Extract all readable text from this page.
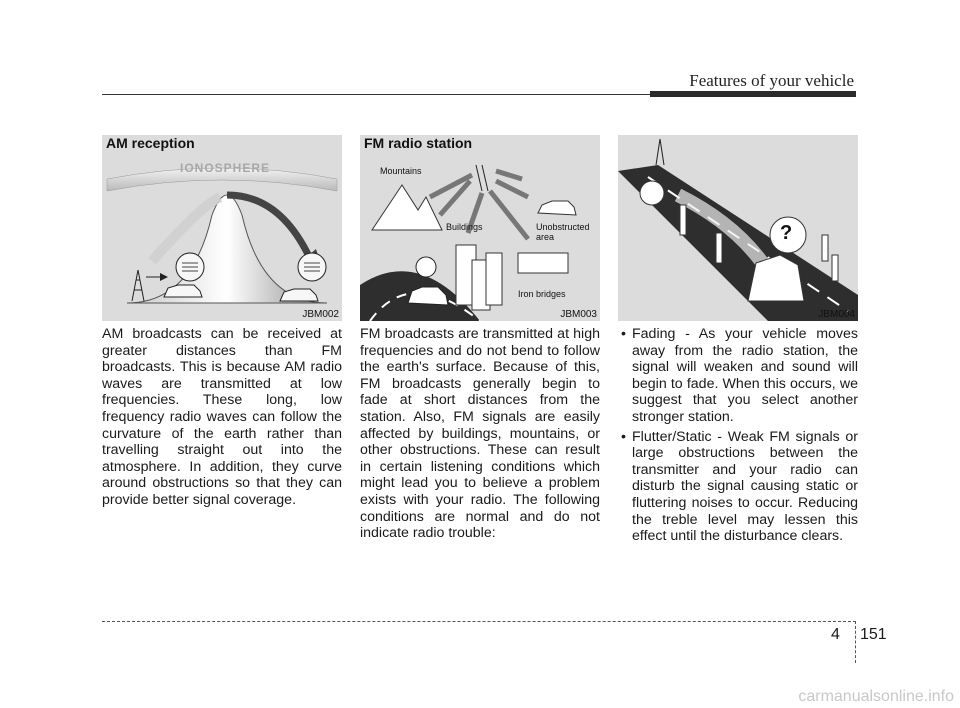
Features of your vehicle
AM reception
IONOSPHERE
JBM002
FM radio station
Mountains
Buildings	Unobstructed
area
Iron bridges
JBM003
?
JBM004
AM broadcasts can be received at greater distances than FM broadcasts. This is because AM radio waves are transmitted at low frequencies. These long, low frequency radio waves can follow the curvature of the earth rather than travelling straight out into the atmosphere. In addition, they curve around obstructions so that they can provide better signal coverage.
FM broadcasts are transmitted at high frequencies and do not bend to follow the earth's surface. Because of this, FM broadcasts generally begin to fade at short distances from the station. Also, FM signals are easily affected by buildings, mountains, or other obstructions. These can result in certain listening conditions which might lead you to believe a problem exists with your radio. The following conditions are normal and do not indicate radio trouble:
• Fading - As your vehicle moves away from the radio station, the signal will weaken and sound will begin to fade. When this occurs, we suggest that you select another stronger station.
• Flutter/Static - Weak FM signals or large obstructions between the transmitter and your radio can disturb the signal causing static or fluttering noises to occur. Reducing the treble level may lessen this effect until the disturbance clears.
4 151
carmanualsonline.info
